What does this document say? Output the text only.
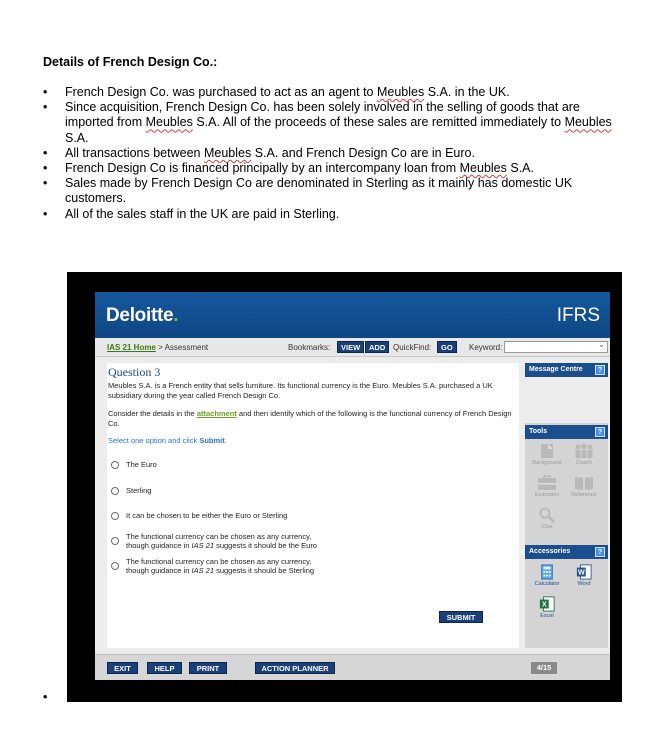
Details of French Design Co.:
• French Design Co. was purchased to act as an agent to Meubles S.A. in the UK.
• Since acquisition, French Design Co. has been solely involved in the selling of goods that are imported from Meubles S.A. All of the proceeds of these sales are remitted immediately to Meubles S.A.
• All transactions between Meubles S.A. and French Design Co are in Euro.
• French Design Co is financed principally by an intercompany loan from Meubles S.A.
• Sales made by French Design Co are denominated in Sterling as it mainly has domestic UK customers.
• All of the sales staff in the UK are paid in Sterling.
•
Deloitte.	IFRS
IAS 21 Home > Assessment	Bookmarks:	VIEW	ADD QuickFind:	GO	Keyword:	⌄
Question 3
Meubles S.A. is a French entity that sells furniture. Its functional currency is the Euro. Meubles S.A. purchased a UK subsidiary during the year called French Design Co.
Consider the details in the attachment and then identify which of the following is the functional currency of French Design Co.
Select one option and click Submit.
The Euro
Sterling
It can be chosen to be either the Euro or Sterling
The functional currency can be chosen as any currency,
though guidance in IAS 21 suggests it should be the Euro
The functional currency can be chosen as any currency,
though guidance in IAS 21 suggests it should be Sterling
SUBMIT
Message Centre	?
Tools	?
Background	Coach
Examples	Reference
Clue
Accessories	?
Calculator
W
Word
X
Excel
EXIT	HELP	PRINT	ACTION PLANNER	4/15
